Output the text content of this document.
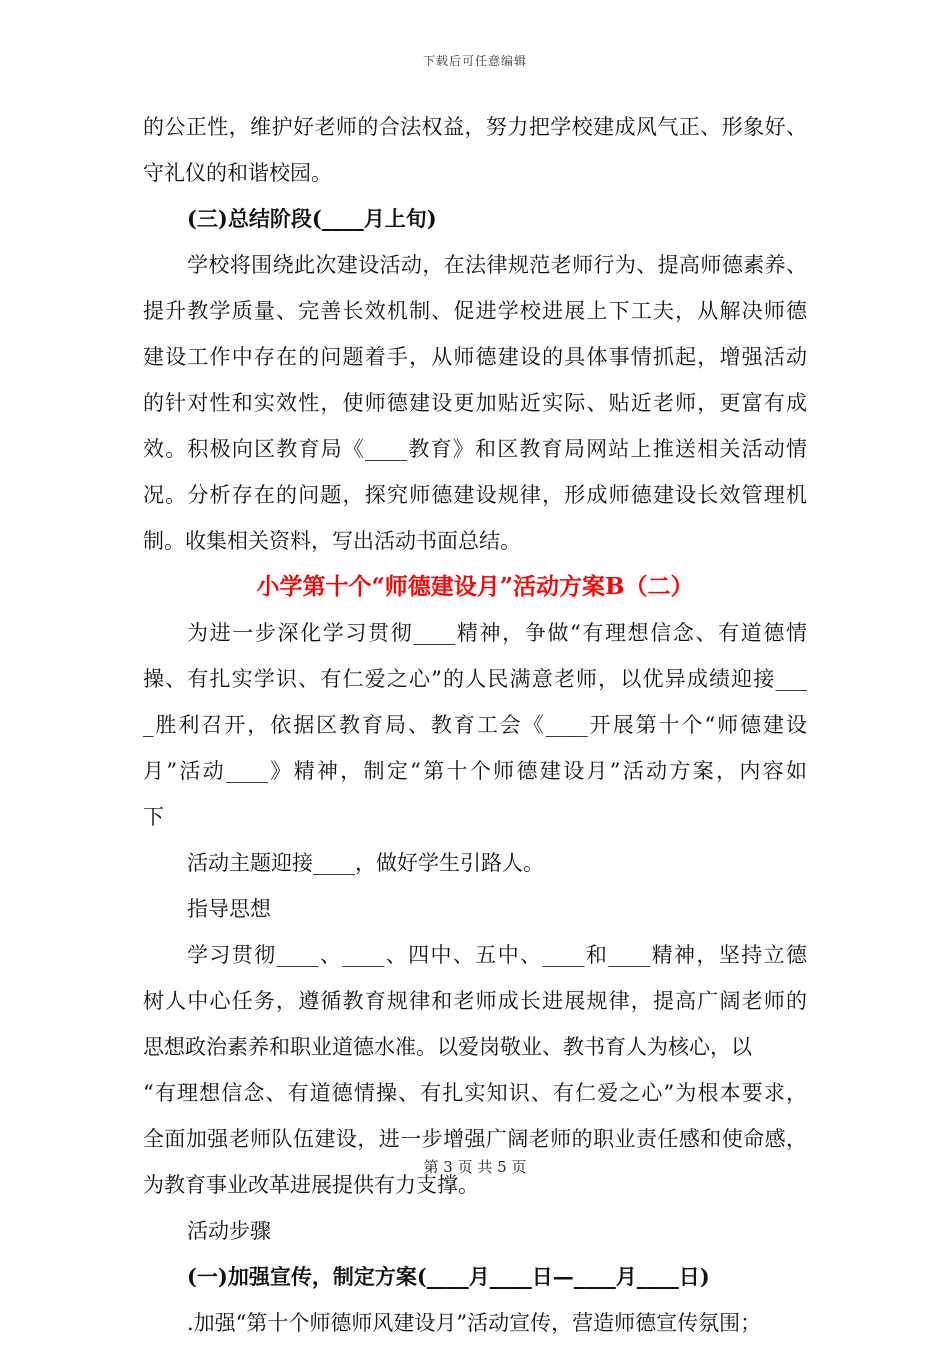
下载后可任意编辑
的公正性，维护好老师的合法权益，努力把学校建成风气正、形象好、
守礼仪的和谐校园。
(三)总结阶段(____月上旬)
学校将围绕此次建设活动，在法律规范老师行为、提高师德素养、
提升教学质量、完善长效机制、促进学校进展上下工夫，从解决师德
建设工作中存在的问题着手，从师德建设的具体事情抓起，增强活动
的针对性和实效性，使师德建设更加贴近实际、贴近老师，更富有成
效。积极向区教育局《____教育》和区教育局网站上推送相关活动情
况。分析存在的问题，探究师德建设规律，形成师德建设长效管理机
制。收集相关资料，写出活动书面总结。
小学第十个“师德建设月”活动方案B（二）
为进一步深化学习贯彻____精神，争做“有理想信念、有道德情
操、有扎实学识、有仁爱之心”的人民满意老师，以优异成绩迎接___
_胜利召开，依据区教育局、教育工会《____开展第十个“师德建设
月”活动____》精神，制定“第十个师德建设月”活动方案，内容如
下
活动主题迎接____，做好学生引路人。
指导思想
学习贯彻____、____、四中、五中、____和____精神，坚持立德
树人中心任务，遵循教育规律和老师成长进展规律，提高广阔老师的
思想政治素养和职业道德水准。以爱岗敬业、教书育人为核心，以
“有理想信念、有道德情操、有扎实知识、有仁爱之心”为根本要求，
全面加强老师队伍建设，进一步增强广阔老师的职业责任感和使命感，
为教育事业改革进展提供有力支撑。
活动步骤
(一)加强宣传，制定方案(____月____日—____月____日)
.加强“第十个师德师风建设月”活动宣传，营造师德宣传氛围；
第 3 页 共 5 页
